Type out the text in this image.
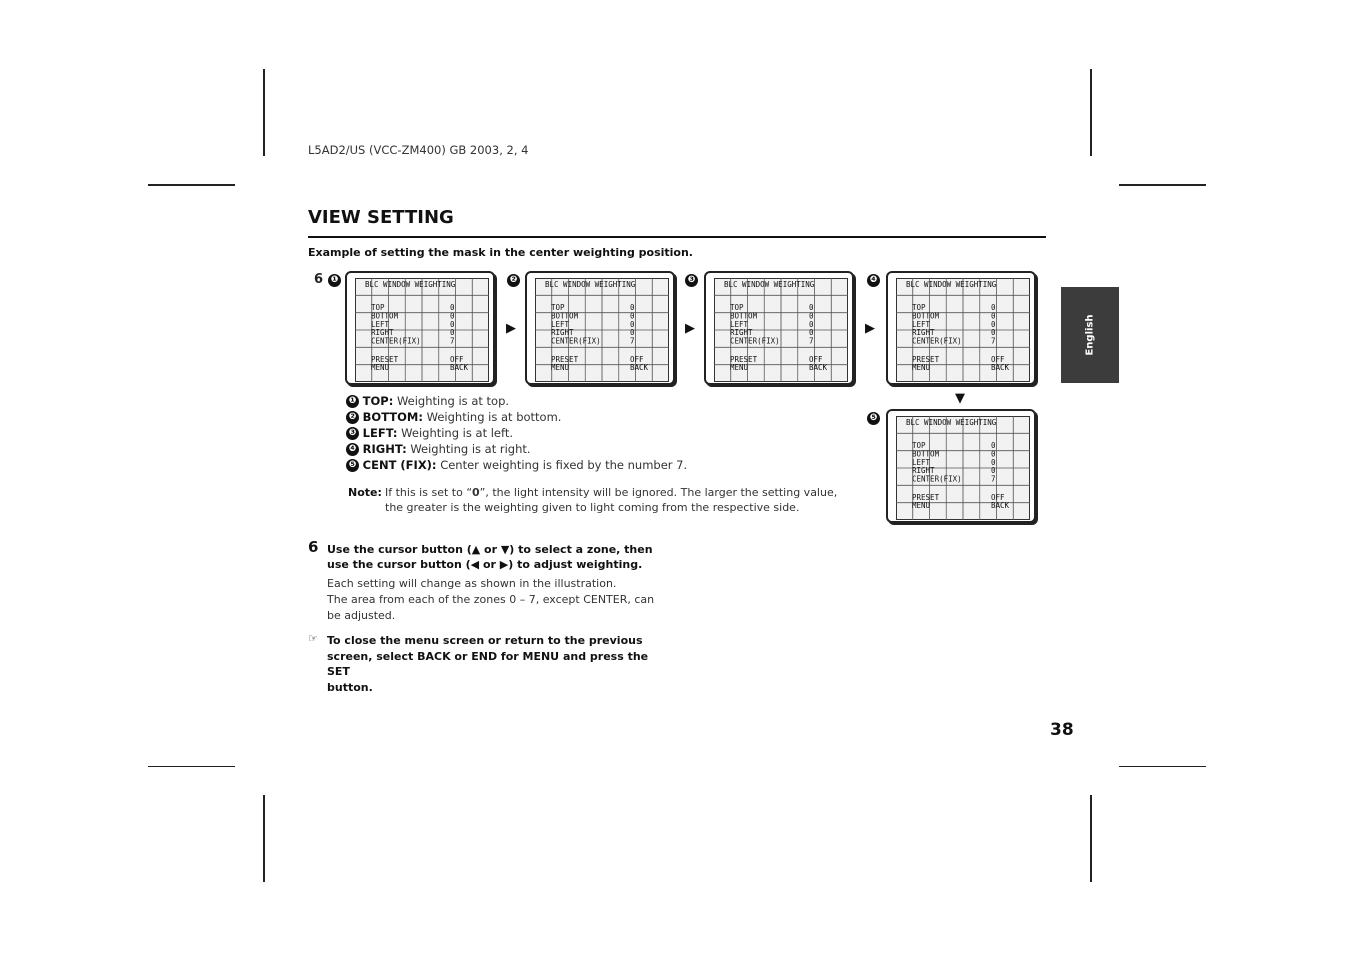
L5AD2/US (VCC-ZM400) GB 2003, 2, 4
VIEW SETTING
Example of setting the mask in the center weighting position.
6 ❶	❷	❸	❹
❺
BLC WINDOW WEIGHTING
TOP	0
BOTTOM	0
LEFT	0
RIGHT	0
CENTER(FIX)	7
PRESET	OFF
MENU	BACK
BLC WINDOW WEIGHTING
TOP	0
BOTTOM	0
LEFT	0
RIGHT	0
CENTER(FIX)	7
PRESET	OFF
MENU	BACK
BLC WINDOW WEIGHTING
TOP	0
BOTTOM	0
LEFT	0
RIGHT	0
CENTER(FIX)	7
PRESET	OFF
MENU	BACK
BLC WINDOW WEIGHTING
TOP	0
BOTTOM	0
LEFT	0
RIGHT	0
CENTER(FIX)	7
PRESET	OFF
MENU	BACK
BLC WINDOW WEIGHTING
TOP	0
BOTTOM	0
LEFT	0
RIGHT	0
CENTER(FIX)	7
PRESET	OFF
MENU	BACK
▶	▶	▶
▼
❶ TOP: Weighting is at top.
❷ BOTTOM: Weighting is at bottom.
❸ LEFT: Weighting is at left.
❹ RIGHT: Weighting is at right.
❺ CENT (FIX): Center weighting is fixed by the number 7.
Note: If this is set to “0”, the light intensity will be ignored. The larger the setting value, the greater is the weighting given to light coming from the respective side.
6 Use the cursor button (▲ or ▼) to select a zone, then
use the cursor button (◀ or ▶) to adjust weighting.
Each setting will change as shown in the illustration.
The area from each of the zones 0 – 7, except CENTER, can
be adjusted.
☞ To close the menu screen or return to the previous
screen, select BACK or END for MENU and press the SET
button.
38
English
